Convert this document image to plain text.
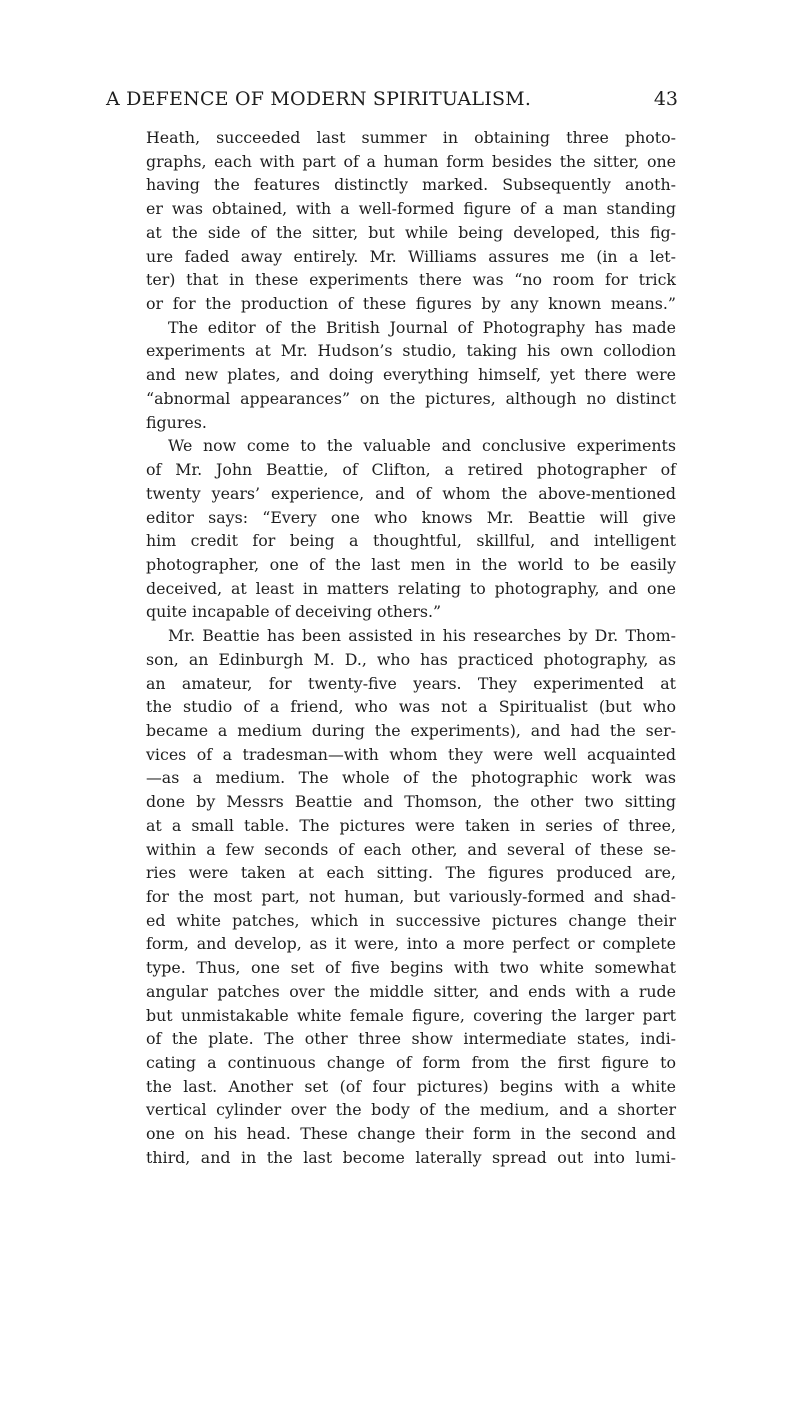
A DEFENCE OF MODERN SPIRITUALISM.	43
Heath, succeeded last summer in obtaining three photo-
graphs, each with part of a human form besides the sitter, one
having the features distinctly marked. Subsequently anoth-
er was obtained, with a well-formed figure of a man standing
at the side of the sitter, but while being developed, this fig-
ure faded away entirely. Mr. Williams assures me (in a let-
ter) that in these experiments there was “no room for trick
or for the production of these figures by any known means.”
The editor of the British Journal of Photography has made
experiments at Mr. Hudson’s studio, taking his own collodion
and new plates, and doing everything himself, yet there were
“abnormal appearances” on the pictures, although no distinct
figures.
We now come to the valuable and conclusive experiments
of Mr. John Beattie, of Clifton, a retired photographer of
twenty years’ experience, and of whom the above-mentioned
editor says: “Every one who knows Mr. Beattie will give
him credit for being a thoughtful, skillful, and intelligent
photographer, one of the last men in the world to be easily
deceived, at least in matters relating to photography, and one
quite incapable of deceiving others.”
Mr. Beattie has been assisted in his researches by Dr. Thom-
son, an Edinburgh M. D., who has practiced photography, as
an amateur, for twenty-five years. They experimented at
the studio of a friend, who was not a Spiritualist (but who
became a medium during the experiments), and had the ser-
vices of a tradesman—with whom they were well acquainted
—as a medium. The whole of the photographic work was
done by Messrs Beattie and Thomson, the other two sitting
at a small table. The pictures were taken in series of three,
within a few seconds of each other, and several of these se-
ries were taken at each sitting. The figures produced are,
for the most part, not human, but variously-formed and shad-
ed white patches, which in successive pictures change their
form, and develop, as it were, into a more perfect or complete
type. Thus, one set of five begins with two white somewhat
angular patches over the middle sitter, and ends with a rude
but unmistakable white female figure, covering the larger part
of the plate. The other three show intermediate states, indi-
cating a continuous change of form from the first figure to
the last. Another set (of four pictures) begins with a white
vertical cylinder over the body of the medium, and a shorter
one on his head. These change their form in the second and
third, and in the last become laterally spread out into lumi-
